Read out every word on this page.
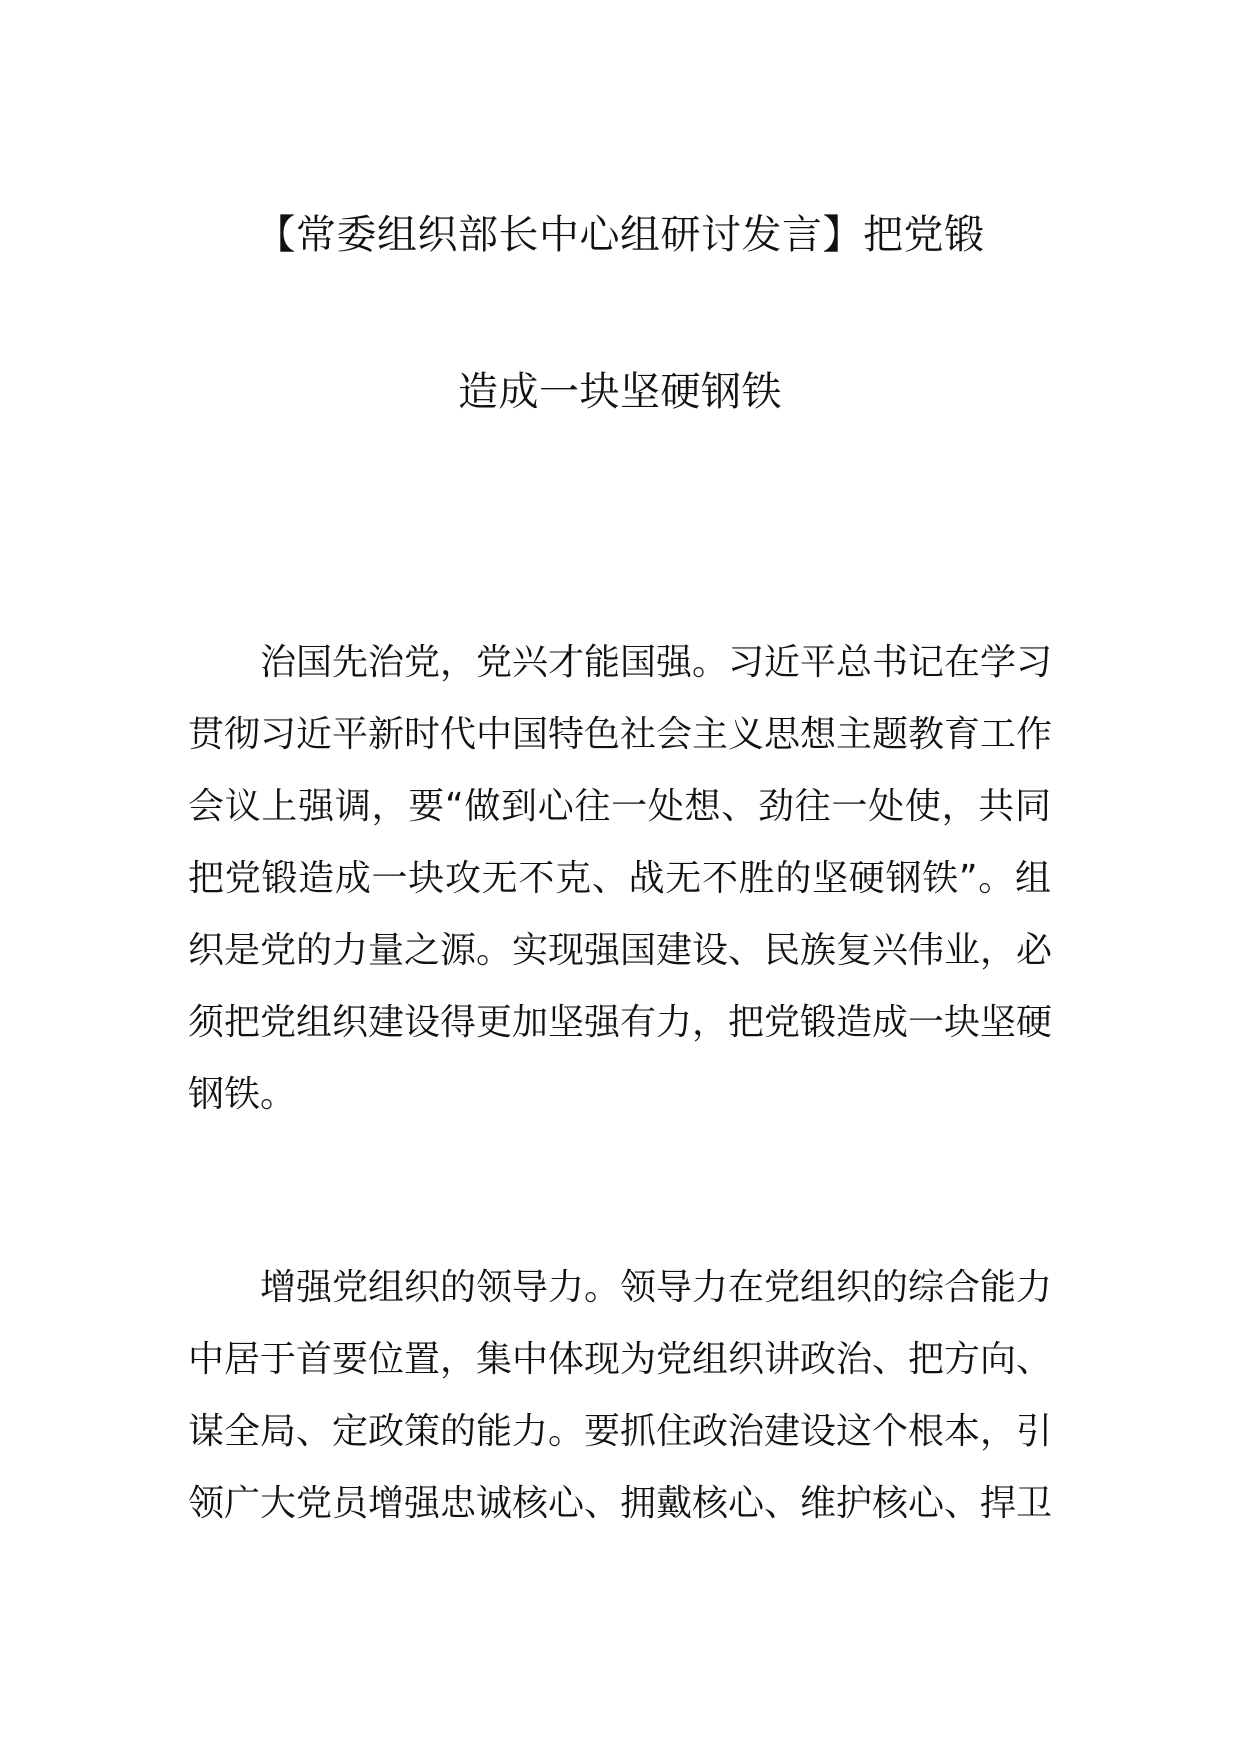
【常委组织部长中心组研讨发言】把党锻
造成一块坚硬钢铁
治国先治党，党兴才能国强。习近平总书记在学习
贯彻习近平新时代中国特色社会主义思想主题教育工作
会议上强调，要“做到心往一处想、劲往一处使，共同
把党锻造成一块攻无不克、战无不胜的坚硬钢铁”。组
织是党的力量之源。实现强国建设、民族复兴伟业，必
须把党组织建设得更加坚强有力，把党锻造成一块坚硬
钢铁。
增强党组织的领导力。领导力在党组织的综合能力
中居于首要位置，集中体现为党组织讲政治、把方向、
谋全局、定政策的能力。要抓住政治建设这个根本，引
领广大党员增强忠诚核心、拥戴核心、维护核心、捍卫
